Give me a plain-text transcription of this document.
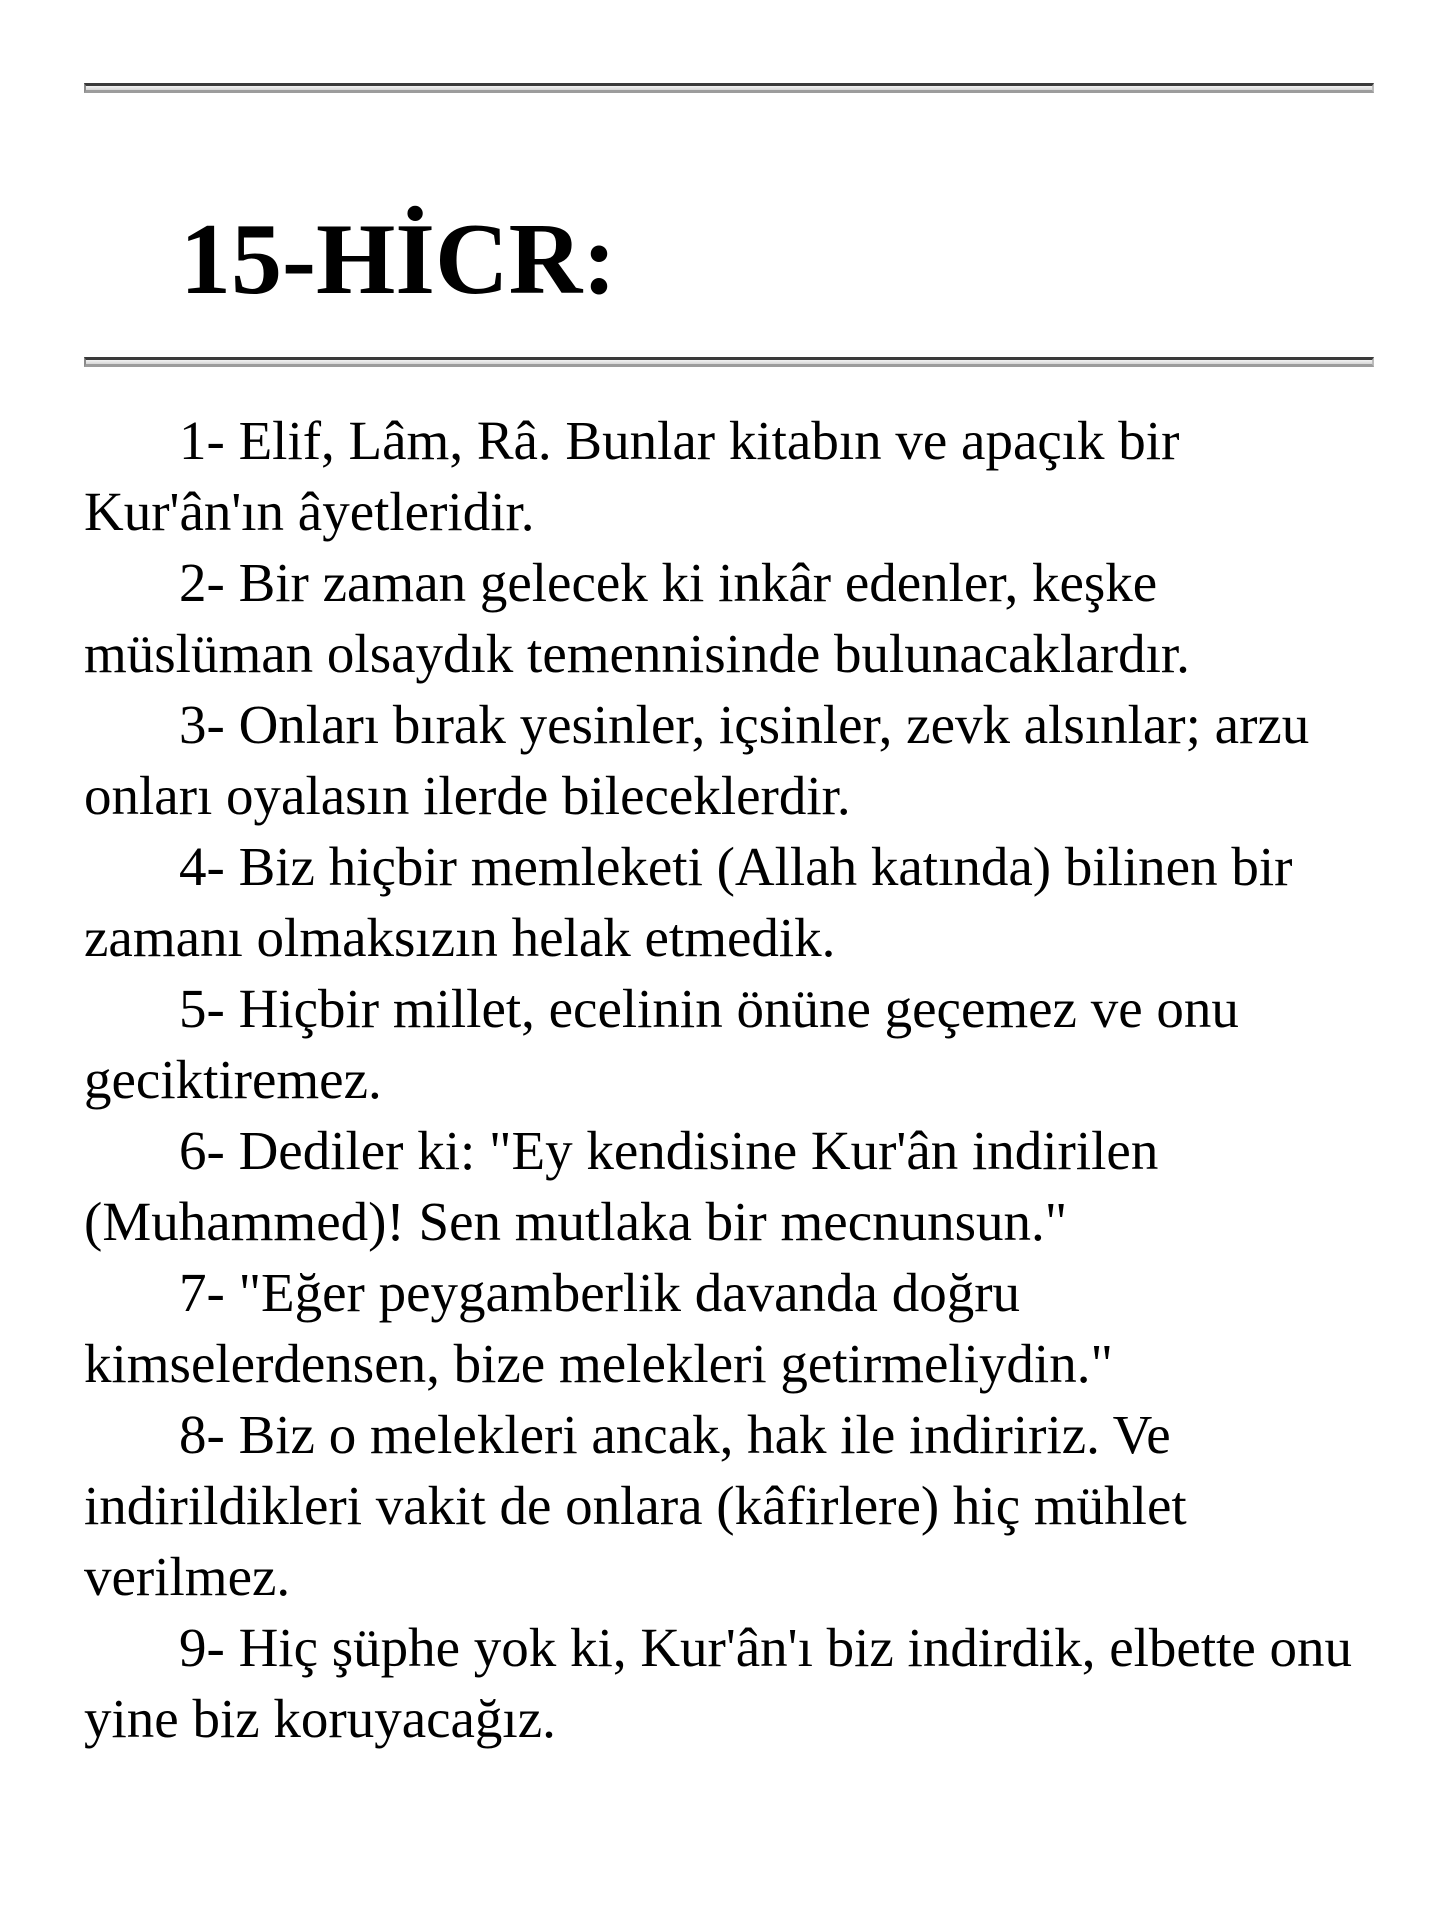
15-HİCR:

1- Elif, Lâm, Râ. Bunlar kitabın ve apaçık bir Kur'ân'ın âyetleridir.

2- Bir zaman gelecek ki inkâr edenler, keşke müslüman olsaydık temennisinde bulunacaklardır.

3- Onları bırak yesinler, içsinler, zevk alsınlar; arzu onları oyalasın ilerde bileceklerdir.

4- Biz hiçbir memleketi (Allah katında) bilinen bir zamanı olmaksızın helak etmedik.

5- Hiçbir millet, ecelinin önüne geçemez ve onu geciktiremez.

6- Dediler ki: "Ey kendisine Kur'ân indirilen (Muhammed)! Sen mutlaka bir mecnunsun."

7- "Eğer peygamberlik davanda doğru kimselerdensen, bize melekleri getirmeliydin."

8- Biz o melekleri ancak, hak ile indiririz. Ve indirildikleri vakit de onlara (kâfirlere) hiç mühlet verilmez.

9- Hiç şüphe yok ki, Kur'ân'ı biz indirdik, elbette onu yine biz koruyacağız.
